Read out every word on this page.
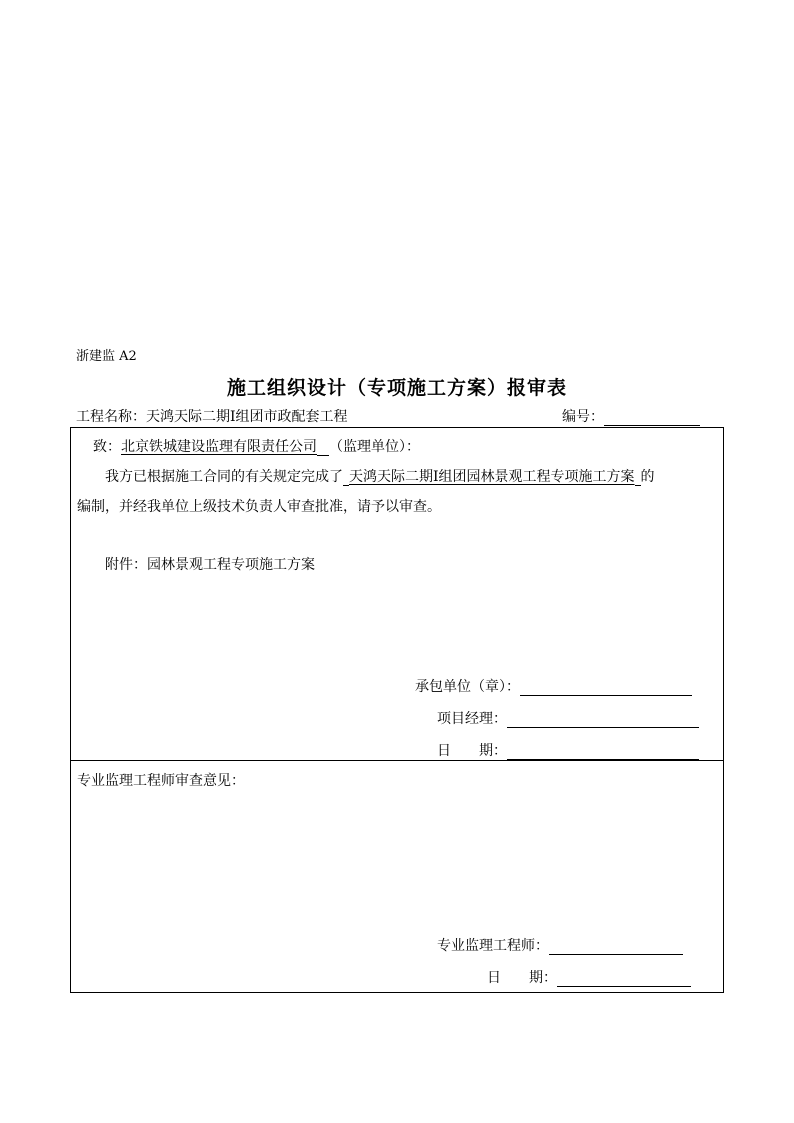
浙建监 A2
施工组织设计（专项施工方案）报审表
工程名称：天鸿天际二期Ⅰ组团市政配套工程	编号：
致：北京铁城建设监理有限责任公司 （监理单位）：
我方已根据施工合同的有关规定完成了 天鸿天际二期Ⅰ组团园林景观工程专项施工方案 的
编制，并经我单位上级技术负责人审查批准，请予以审查。
附件：园林景观工程专项施工方案
承包单位（章）：
项目经理：
日　　期：
专业监理工程师审查意见：
专业监理工程师：
日　　期：
